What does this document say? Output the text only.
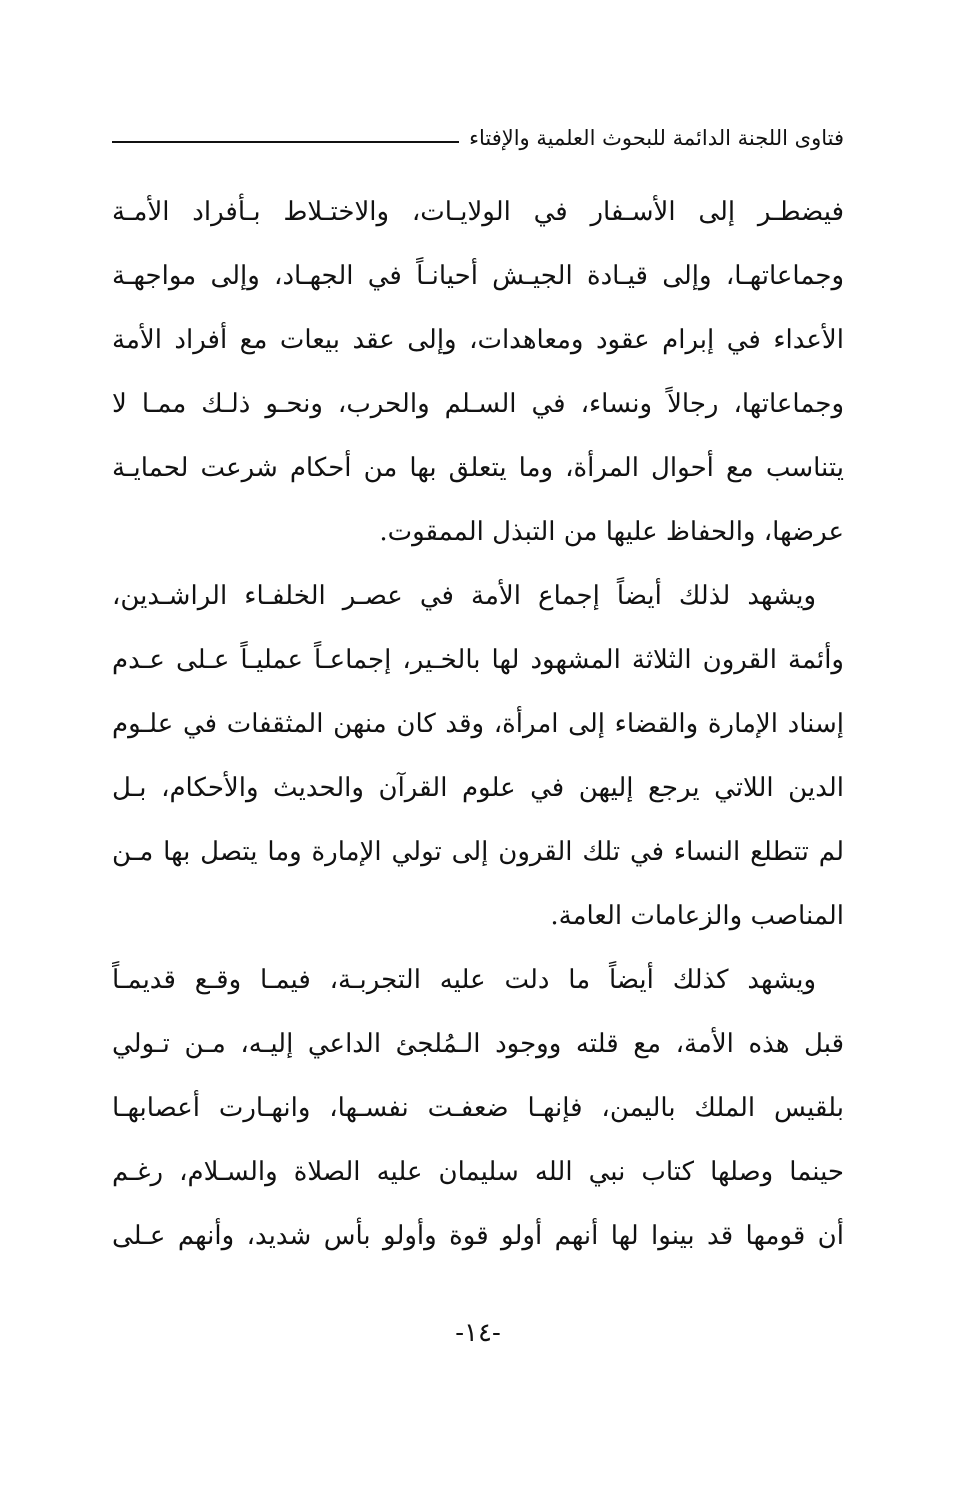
فتاوى اللجنة الدائمة للبحوث العلمية والإفتاء
فيضطـر إلى الأسـفار في الولايـات، والاختـلاط بـأفراد الأمـة
وجماعاتهـا، وإلى قيـادة الجيـش أحيانـاً في الجهـاد، وإلى مواجهـة
الأعداء في إبرام عقود ومعاهدات، وإلى عقد بيعات مع أفراد الأمة
وجماعاتها، رجالاً ونساء، في السـلم والحرب، ونحـو ذلـك ممـا لا
يتناسب مع أحوال المرأة، وما يتعلق بها من أحكام شرعت لحمايـة
عرضها، والحفاظ عليها من التبذل الممقوت.
ويشهد لذلك أيضاً إجماع الأمة في عصـر الخلفـاء الراشـدين،
وأئمة القرون الثلاثة المشهود لها بالخـير، إجماعـاً عمليـاً عـلى عـدم
إسناد الإمارة والقضاء إلى امرأة، وقد كان منهن المثقفات في علـوم
الدين اللاتي يرجع إليهن في علوم القرآن والحديث والأحكام، بـل
لم تتطلع النساء في تلك القرون إلى تولي الإمارة وما يتصل بها مـن
المناصب والزعامات العامة.
ويشهد كذلك أيضاً ما دلت عليه التجربـة، فيمـا وقـع قديمـاً
قبل هذه الأمة، مع قلته ووجود الـمُلجئ الداعي إليـه، مـن تـولي
بلقيس الملك باليمن، فإنهـا ضعفـت نفسـها، وانهـارت أعصابهـا
حينما وصلها كتاب نبي الله سليمان عليه الصلاة والسـلام، رغـم
أن قومها قد بينوا لها أنهم أولو قوة وأولو بأس شديد، وأنهم عـلى
-١٤-
